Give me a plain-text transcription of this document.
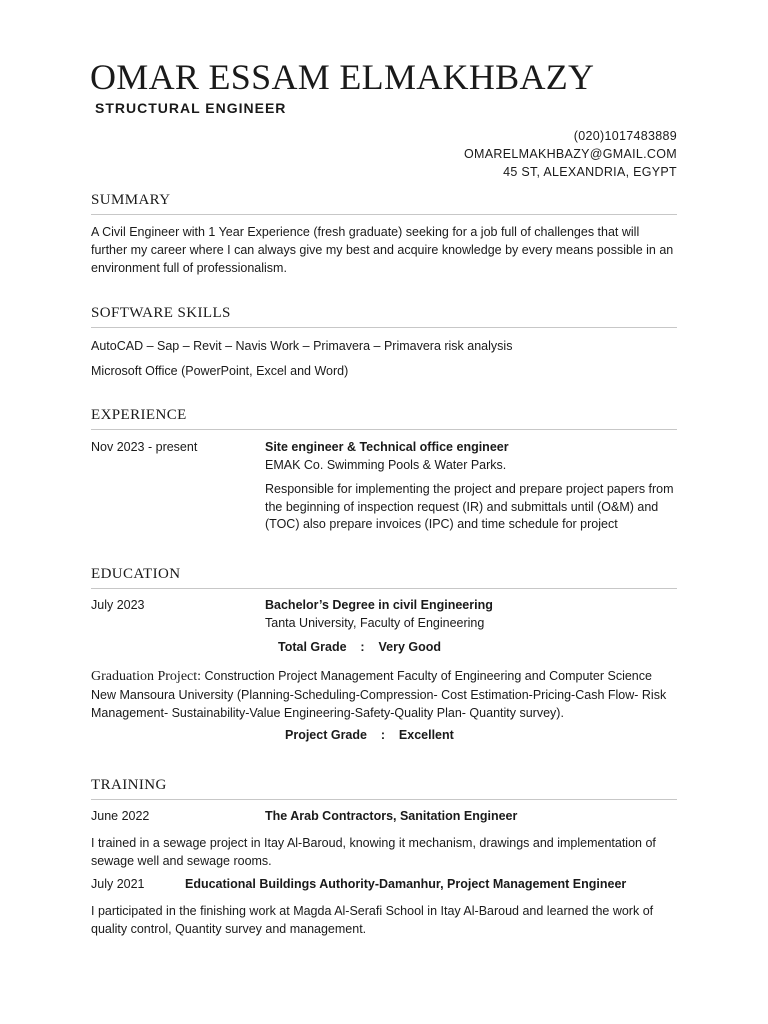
OMAR ESSAM ELMAKHBAZY
STRUCTURAL ENGINEER
(020)1017483889
OMARELMAKHBAZY@GMAIL.COM
45 ST, ALEXANDRIA, EGYPT
SUMMARY

A Civil Engineer with 1 Year Experience (fresh graduate) seeking for a job full of challenges that will further my career where I can always give my best and acquire knowledge by every means possible in an environment full of professionalism.

SOFTWARE SKILLS

AutoCAD – Sap – Revit – Navis Work – Primavera – Primavera risk analysis

Microsoft Office (PowerPoint, Excel and Word)

EXPERIENCE

Nov 2023 - present	Site engineer & Technical office engineer
EMAK Co. Swimming Pools & Water Parks.
Responsible for implementing the project and prepare project papers from the beginning of inspection request (IR) and submittals until (O&M) and (TOC) also prepare invoices (IPC) and time schedule for project
EDUCATION

July 2023	Bachelor’s Degree in civil Engineering
Tanta University, Faculty of Engineering

Total Grade    :    Very Good

Graduation Project: Construction Project Management Faculty of Engineering and Computer Science New Mansoura University (Planning-Scheduling-Compression- Cost Estimation-Pricing-Cash Flow- Risk Management- Sustainability-Value Engineering-Safety-Quality Plan- Quantity survey).

Project Grade    :    Excellent

TRAINING

June 2022	The Arab Contractors, Sanitation Engineer

I trained in a sewage project in Itay Al-Baroud, knowing it mechanism, drawings and implementation of sewage well and sewage rooms.

July 2021	Educational Buildings Authority-Damanhur, Project Management Engineer

I participated in the finishing work at Magda Al-Serafi School in Itay Al-Baroud and learned the work of quality control, Quantity survey and management.
